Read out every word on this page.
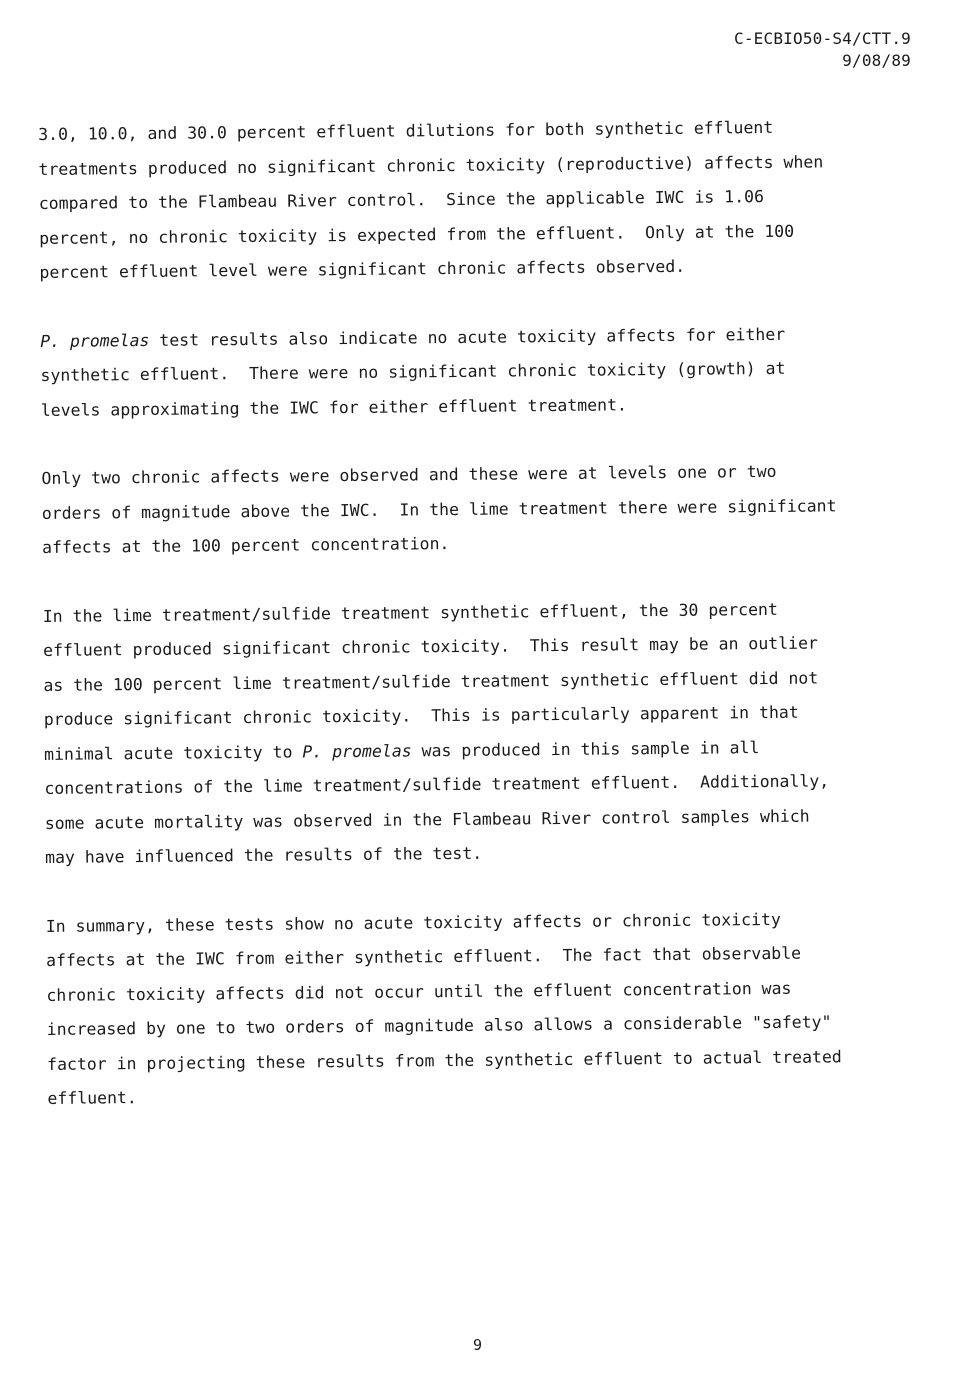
C-ECBIO50-S4/CTT.9
9/08/89
3.0, 10.0, and 30.0 percent effluent dilutions for both synthetic effluent
treatments produced no significant chronic toxicity (reproductive) affects when
compared to the Flambeau River control.  Since the applicable IWC is 1.06
percent, no chronic toxicity is expected from the effluent.  Only at the 100
percent effluent level were significant chronic affects observed.
P. promelas test results also indicate no acute toxicity affects for either
synthetic effluent.  There were no significant chronic toxicity (growth) at
levels approximating the IWC for either effluent treatment.
Only two chronic affects were observed and these were at levels one or two
orders of magnitude above the IWC.  In the lime treatment there were significant
affects at the 100 percent concentration.
In the lime treatment/sulfide treatment synthetic effluent, the 30 percent
effluent produced significant chronic toxicity.  This result may be an outlier
as the 100 percent lime treatment/sulfide treatment synthetic effluent did not
produce significant chronic toxicity.  This is particularly apparent in that
minimal acute toxicity to P. promelas was produced in this sample in all
concentrations of the lime treatment/sulfide treatment effluent.  Additionally,
some acute mortality was observed in the Flambeau River control samples which
may have influenced the results of the test.
In summary, these tests show no acute toxicity affects or chronic toxicity
affects at the IWC from either synthetic effluent.  The fact that observable
chronic toxicity affects did not occur until the effluent concentration was
increased by one to two orders of magnitude also allows a considerable "safety"
factor in projecting these results from the synthetic effluent to actual treated
effluent.
9
